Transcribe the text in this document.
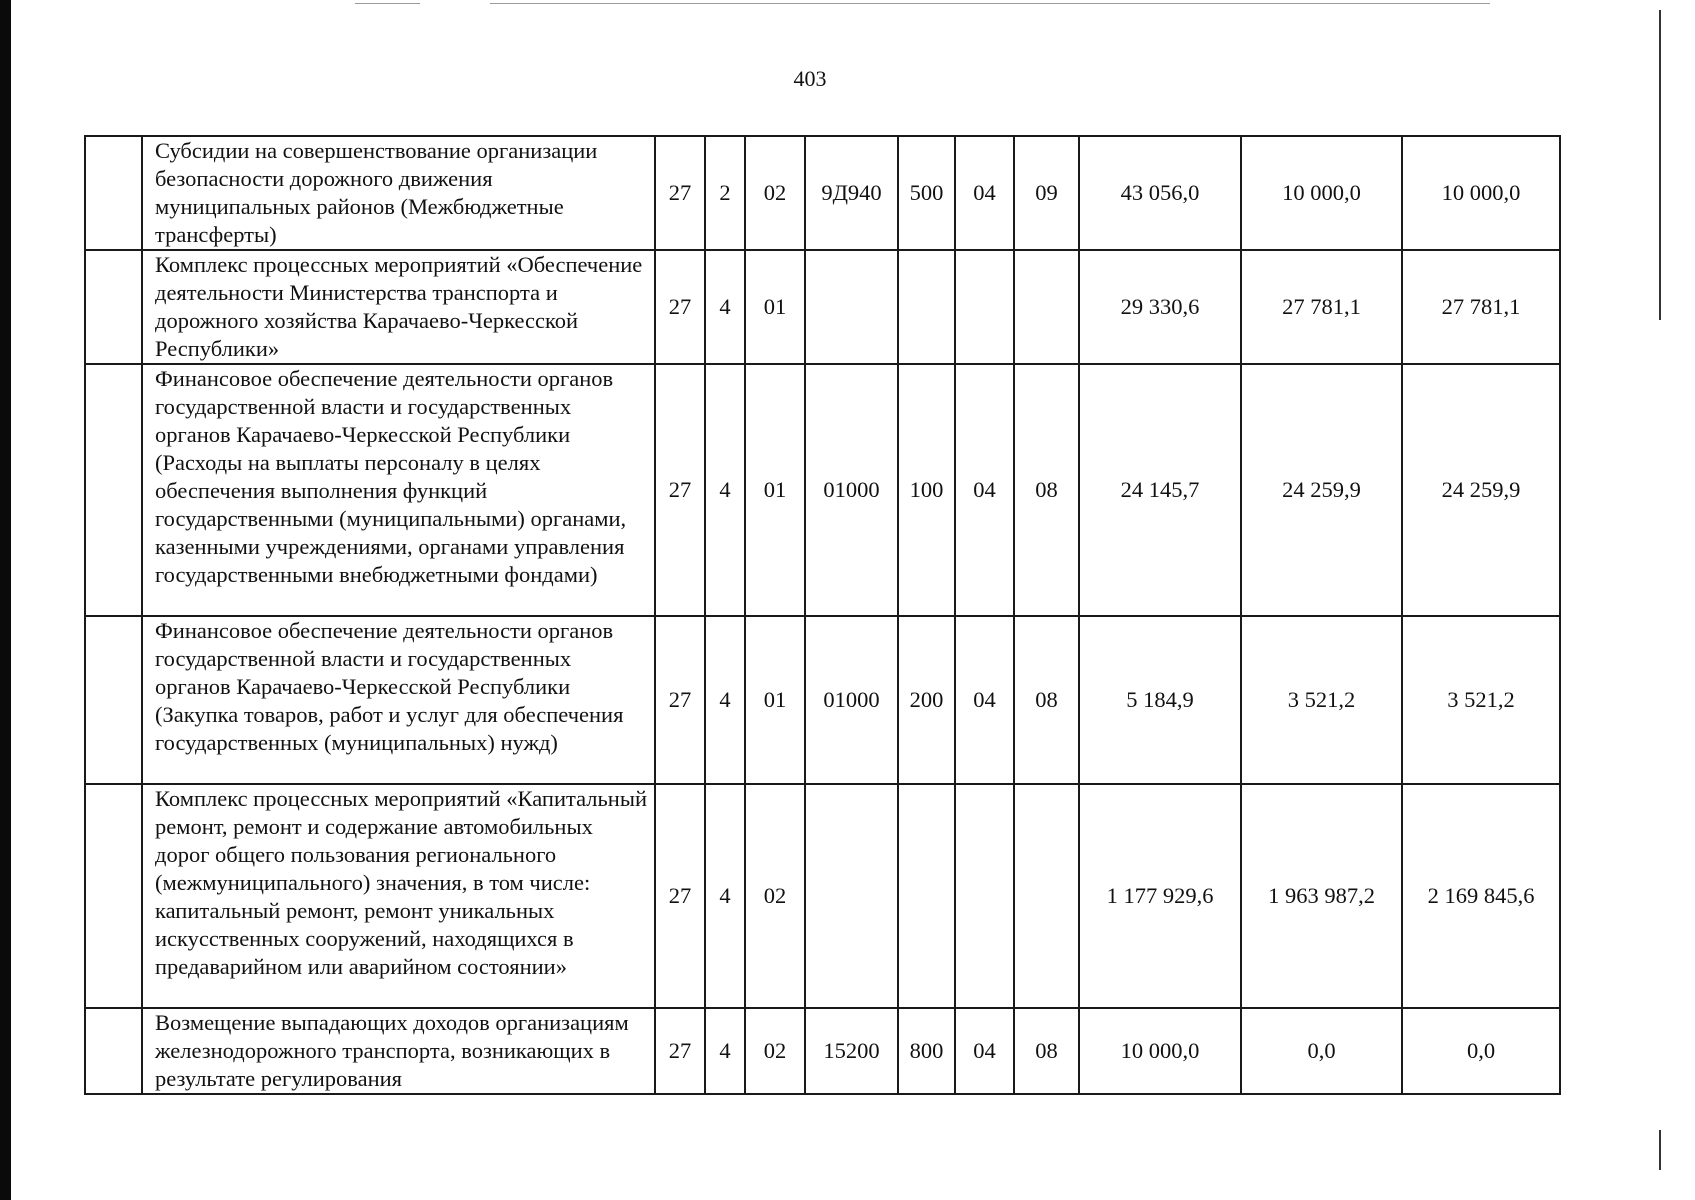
403
	Субсидии на совершенствование организации безопасности дорожного движения муниципальных районов (Межбюджетные трансферты)	27	2	02	9Д940	500	04	09	43 056,0	10 000,0	10 000,0
	Комплекс процессных мероприятий «Обеспечение деятельности Министерства транспорта и дорожного хозяйства Карачаево-Черкесской Республики»	27	4	01					29 330,6	27 781,1	27 781,1
	Финансовое обеспечение деятельности органов государственной власти и государственных органов Карачаево-Черкесской Республики (Расходы на выплаты персоналу в целях обеспечения выполнения функций государственными (муниципальными) органами, казенными учреждениями, органами управления государственными внебюджетными фондами)	27	4	01	01000	100	04	08	24 145,7	24 259,9	24 259,9
	Финансовое обеспечение деятельности органов государственной власти и государственных органов Карачаево-Черкесской Республики (Закупка товаров, работ и услуг для обеспечения государственных (муниципальных) нужд)	27	4	01	01000	200	04	08	5 184,9	3 521,2	3 521,2
	Комплекс процессных мероприятий «Капитальный ремонт, ремонт и содержание автомобильных дорог общего пользования регионального (межмуниципального) значения, в том числе: капитальный ремонт, ремонт уникальных искусственных сооружений, находящихся в предаварийном или аварийном состоянии»	27	4	02					1 177 929,6	1 963 987,2	2 169 845,6
	Возмещение выпадающих доходов организациям железнодорожного транспорта, возникающих в результате регулирования	27	4	02	15200	800	04	08	10 000,0	0,0	0,0
